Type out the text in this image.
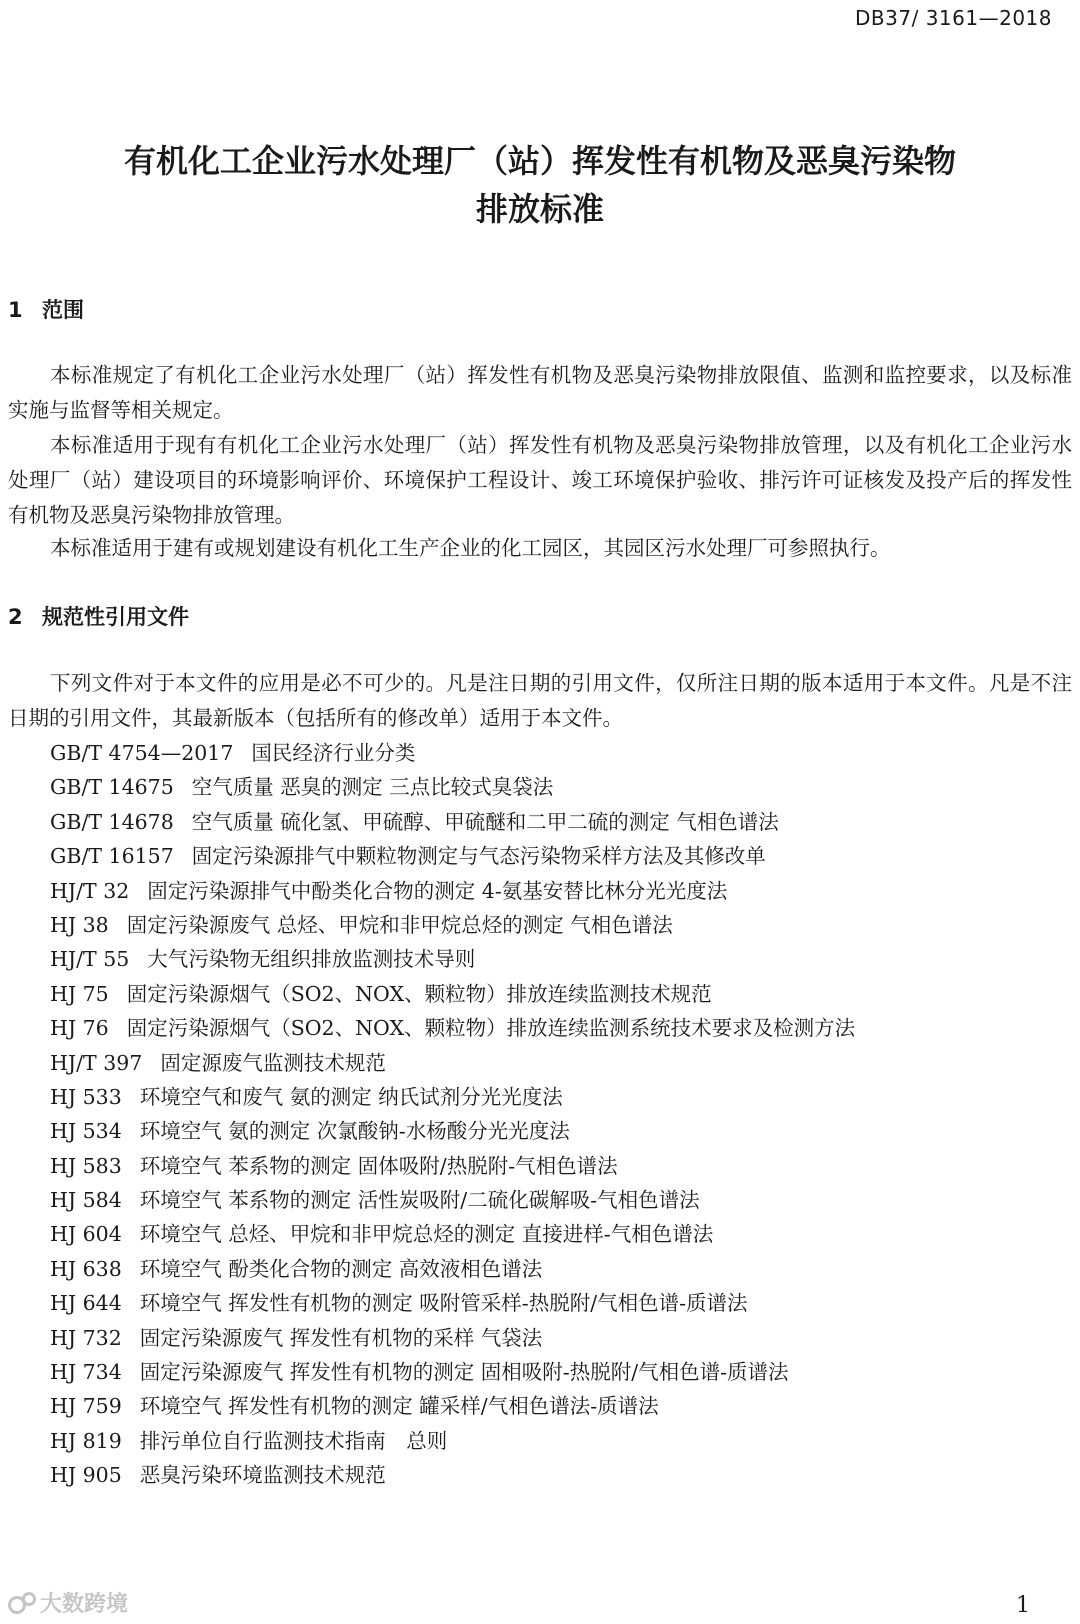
DB37/ 3161—2018
有机化工企业污水处理厂（站）挥发性有机物及恶臭污染物
排放标准
1 范围

本标准规定了有机化工企业污水处理厂（站）挥发性有机物及恶臭污染物排放限值、监测和监控要求，以及标准实施与监督等相关规定。

本标准适用于现有有机化工企业污水处理厂（站）挥发性有机物及恶臭污染物排放管理，以及有机化工企业污水处理厂（站）建设项目的环境影响评价、环境保护工程设计、竣工环境保护验收、排污许可证核发及投产后的挥发性有机物及恶臭污染物排放管理。

本标准适用于建有或规划建设有机化工生产企业的化工园区，其园区污水处理厂可参照执行。

2 规范性引用文件

下列文件对于本文件的应用是必不可少的。凡是注日期的引用文件，仅所注日期的版本适用于本文件。凡是不注日期的引用文件，其最新版本（包括所有的修改单）适用于本文件。

GB/T 4754—2017 国民经济行业分类
GB/T 14675 空气质量 恶臭的测定 三点比较式臭袋法
GB/T 14678 空气质量 硫化氢、甲硫醇、甲硫醚和二甲二硫的测定 气相色谱法
GB/T 16157 固定污染源排气中颗粒物测定与气态污染物采样方法及其修改单
HJ/T 32 固定污染源排气中酚类化合物的测定 4-氨基安替比林分光光度法
HJ 38 固定污染源废气 总烃、甲烷和非甲烷总烃的测定 气相色谱法
HJ/T 55 大气污染物无组织排放监测技术导则
HJ 75 固定污染源烟气（SO2、NOX、颗粒物）排放连续监测技术规范
HJ 76 固定污染源烟气（SO2、NOX、颗粒物）排放连续监测系统技术要求及检测方法
HJ/T 397 固定源废气监测技术规范
HJ 533 环境空气和废气 氨的测定 纳氏试剂分光光度法
HJ 534 环境空气 氨的测定 次氯酸钠-水杨酸分光光度法
HJ 583 环境空气 苯系物的测定 固体吸附/热脱附-气相色谱法
HJ 584 环境空气 苯系物的测定 活性炭吸附/二硫化碳解吸-气相色谱法
HJ 604 环境空气 总烃、甲烷和非甲烷总烃的测定 直接进样-气相色谱法
HJ 638 环境空气 酚类化合物的测定 高效液相色谱法
HJ 644 环境空气 挥发性有机物的测定 吸附管采样-热脱附/气相色谱-质谱法
HJ 732 固定污染源废气 挥发性有机物的采样 气袋法
HJ 734 固定污染源废气 挥发性有机物的测定 固相吸附-热脱附/气相色谱-质谱法
HJ 759 环境空气 挥发性有机物的测定 罐采样/气相色谱法-质谱法
HJ 819 排污单位自行监测技术指南　总则
HJ 905 恶臭污染环境监测技术规范
大数跨境	1
